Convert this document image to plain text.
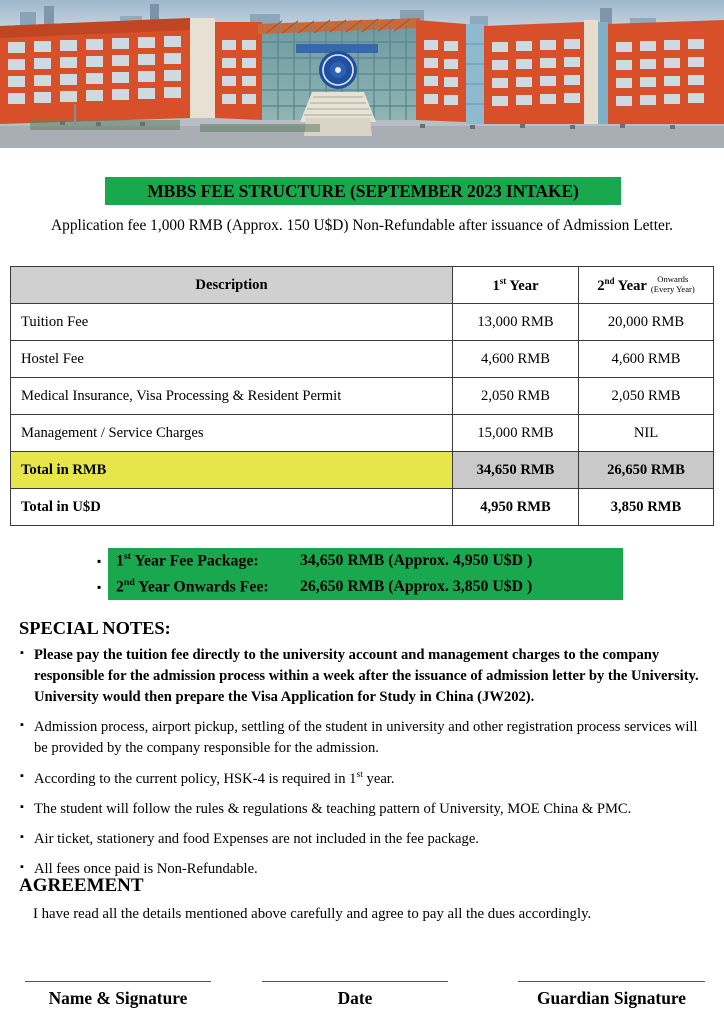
MBBS FEE STRUCTURE (SEPTEMBER 2023 INTAKE)
Application fee 1,000 RMB (Approx. 150 U$D) Non-Refundable after issuance of Admission Letter.
Description	1st Year	2nd Year Onwards
(Every Year)

Tuition Fee	13,000 RMB	20,000 RMB
Hostel Fee	4,600 RMB	4,600 RMB
Medical Insurance, Visa Processing & Resident Permit	2,050 RMB	2,050 RMB
Management / Service Charges	15,000 RMB	NIL
Total in RMB	34,650 RMB	26,650 RMB
Total in U$D	4,950 RMB	3,850 RMB
▪ 1st Year Fee Package:	34,650 RMB (Approx. 4,950 U$D )
▪ 2nd Year Onwards Fee:	26,650 RMB (Approx. 3,850 U$D )
SPECIAL NOTES:
▪ Please pay the tuition fee directly to the university account and management charges to the company responsible for the admission process within a week after the issuance of admission letter by the University. University would then prepare the Visa Application for Study in China (JW202).
▪ Admission process, airport pickup, settling of the student in university and other registration process services will be provided by the company responsible for the admission.
▪ According to the current policy, HSK-4 is required in 1st year.
▪ The student will follow the rules & regulations & teaching pattern of University, MOE China & PMC.
▪ Air ticket, stationery and food Expenses are not included in the fee package.
▪ All fees once paid is Non-Refundable.
AGREEMENT
I have read all the details mentioned above carefully and agree to pay all the dues accordingly.
Name & Signature	Date	Guardian Signature
